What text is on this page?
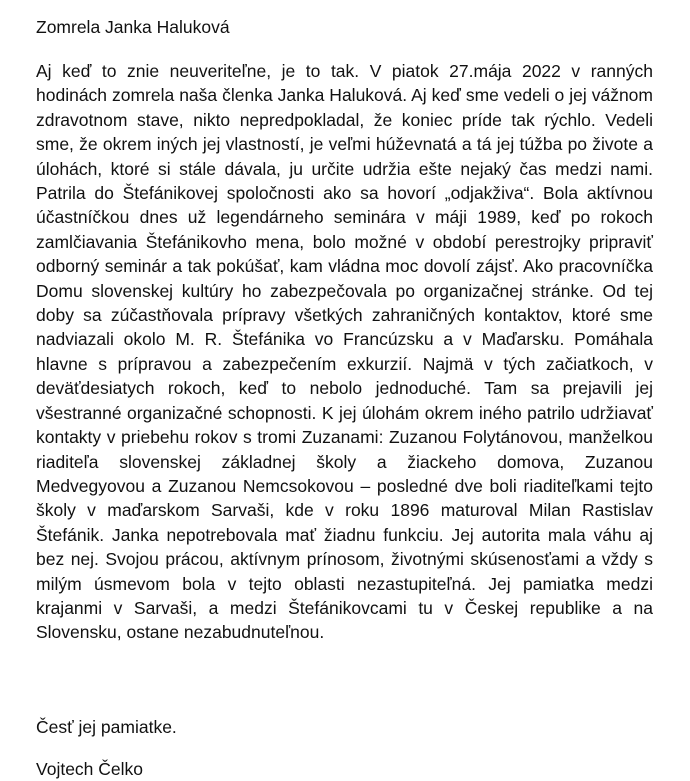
Zomrela Janka Haluková

Aj keď to znie neuveriteľne, je to tak. V piatok 27.mája 2022 v ranných hodinách zomrela naša členka Janka Haluková. Aj keď sme vedeli o jej vážnom zdravotnom stave, nikto nepredpokladal, že koniec príde tak rýchlo. Vedeli sme, že okrem iných jej vlastností, je veľmi húževnatá a tá jej túžba po živote a úlohách, ktoré si stále dávala, ju určite udržia ešte nejaký čas medzi nami. Patrila do Štefánikovej spoločnosti ako sa hovorí „odjakživa“. Bola aktívnou účastníčkou dnes už legendárneho seminára v máji 1989, keď po rokoch zamlčiavania Štefánikovho mena, bolo možné v období perestrojky pripraviť odborný seminár a tak pokúšať, kam vládna moc dovolí zájsť. Ako pracovníčka Domu slovenskej kultúry ho zabezpečovala po organizačnej stránke. Od tej doby sa zúčastňovala prípravy všetkých zahraničných kontaktov, ktoré sme nadviazali okolo M. R. Štefánika vo Francúzsku a v Maďarsku. Pomáhala hlavne s prípravou a zabezpečením exkurzií. Najmä v tých začiatkoch, v deväťdesiatych rokoch, keď to nebolo jednoduché. Tam sa prejavili jej všestranné organizačné schopnosti. K jej úlohám okrem iného patrilo udržiavať kontakty v priebehu rokov s tromi Zuzanami: Zuzanou Folytánovou, manželkou riaditeľa slovenskej základnej školy a žiackeho domova, Zuzanou Medvegyovou a Zuzanou Nemcsokovou – posledné dve boli riaditeľkami tejto školy v maďarskom Sarvaši, kde v roku 1896 maturoval Milan Rastislav Štefánik. Janka nepotrebovala mať žiadnu funkciu. Jej autorita mala váhu aj bez nej. Svojou prácou, aktívnym prínosom, životnými skúsenosťami a vždy s milým úsmevom bola v tejto oblasti nezastupiteľná. Jej pamiatka medzi krajanmi v Sarvaši, a medzi Štefánikovcami tu v Českej republike a na Slovensku, ostane nezabudnuteľnou.

Česť jej pamiatke.

Vojtech Čelko
